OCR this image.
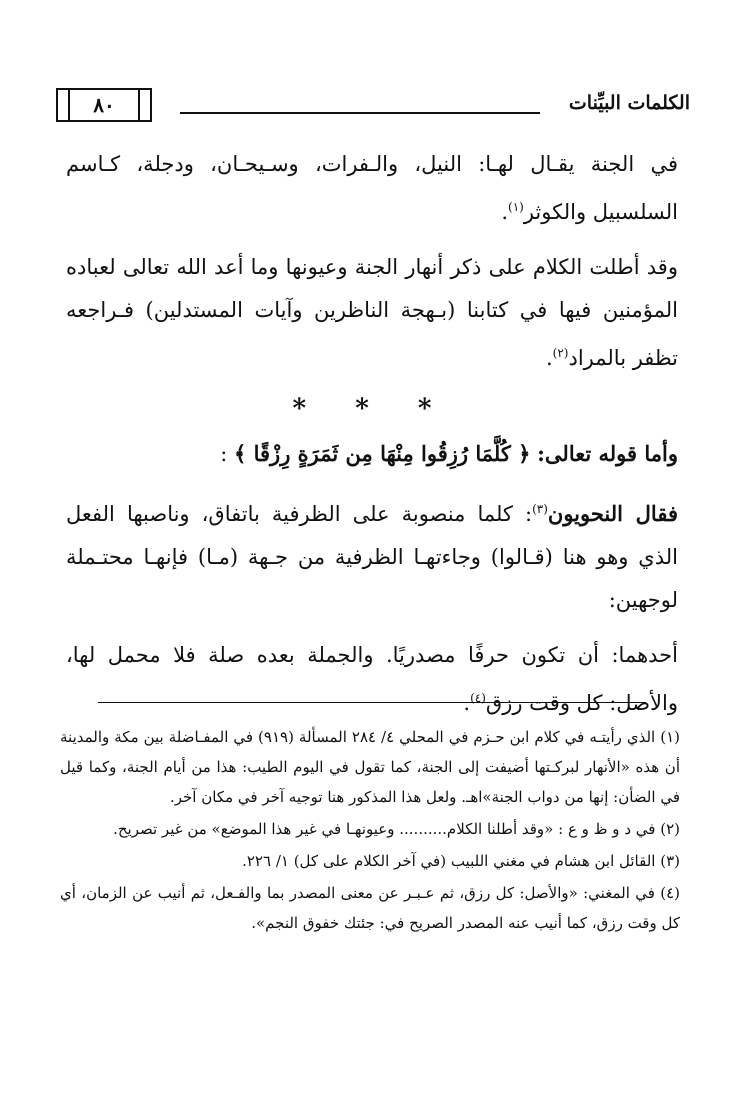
الكلمات البيِّنات
٨٠

في الجنة يقـال لهـا: النيل، والـفرات، وسـيحـان، ودجلة، كـاسم السلسبيل والكوثر$^{(١)}$.

وقد أطلت الكلام على ذكر أنهار الجنة وعيونها وما أعد الله تعالى لعباده المؤمنين فيها في كتابنا (بـهجة الناظرين وآيات المستدلين) فـراجعه تظفر بالمراد$^{(٢)}$.

* * *

وأما قوله تعالى: ﴿ كُلَّمَا رُزِقُوا مِنْهَا مِن ثَمَرَةٍ رِزْقًا ﴾ :

فقال النحويون$^{(٣)}$: كلما منصوبة على الظرفية باتفاق، وناصبها الفعل الذي وهو هنا (قـالوا) وجاءتهـا الظرفية من جـهة (مـا) فإنهـا محتـملة لوجهين:

أحدهما: أن تكون حرفًا مصدريًا. والجملة بعده صلة فلا محمل لها، والأصل: كل وقت رزق$^{(٤)}$.

(١) الذي رأيتـه في كلام ابن حـزم في المحلي ٤/ ٢٨٤ المسألة (٩١٩) في المفـاضلة بين مكة والمدينة أن هذه «الأنهار لبركـتها أضيفت إلى الجنة، كما تقول في اليوم الطيب: هذا من أيام الجنة، وكما قيل في الضأن: إنها من دواب الجنة»اهـ. ولعل هذا المذكور هنا توجيه آخر في مكان آخر.

(٢) في د و ظ و ع : «وقد أطلنا الكلام.......... وعيونهـا في غير هذا الموضع» من غير تصريح.

(٣) القائل ابن هشام في مغني اللبيب (في آخر الكلام على كل) ١/ ٢٢٦.

(٤) في المغني: «والأصل: كل رزق، ثم عـبـر عن معنى المصدر بما والفـعل، ثم أنيب عن الزمان، أي كل وقت رزق، كما أنيب عنه المصدر الصريح في: جئتك خفوق النجم».
